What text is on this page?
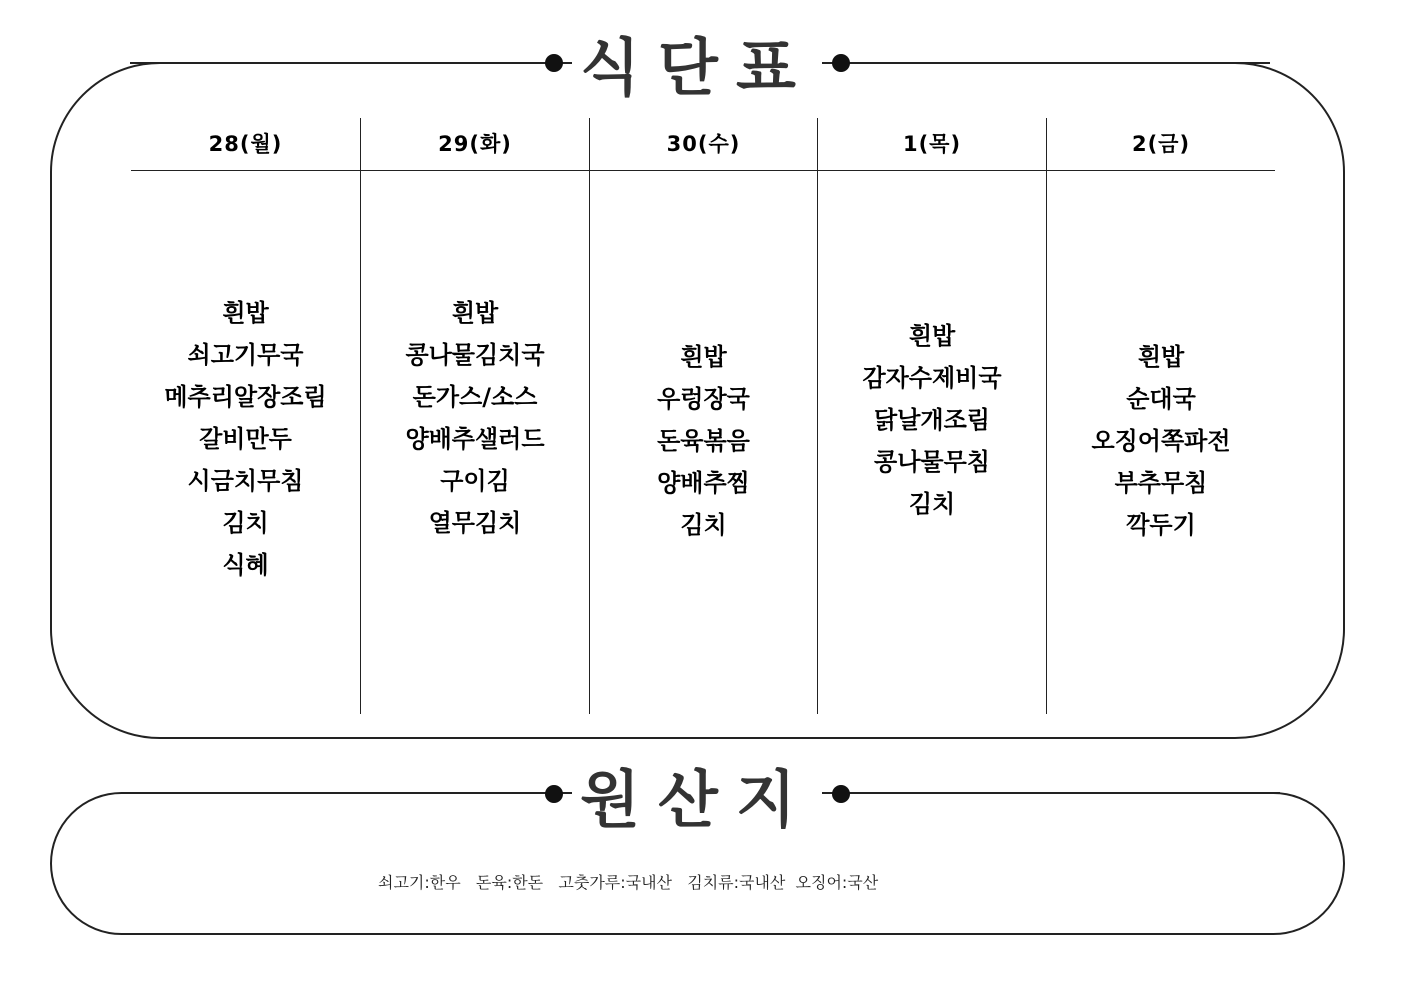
식단표
28(월)
흰밥
쇠고기무국
메추리알장조림
갈비만두
시금치무침
김치
식혜
29(화)
흰밥
콩나물김치국
돈가스/소스
양배추샐러드
구이김
열무김치
30(수)
흰밥
우렁장국
돈육볶음
양배추찜
김치
1(목)
흰밥
감자수제비국
닭날개조림
콩나물무침
김치
2(금)
흰밥
순대국
오징어쪽파전
부추무침
깍두기
원산지
쇠고기:한우   돈육:한돈   고춧가루:국내산   김치류:국내산  오징어:국산
